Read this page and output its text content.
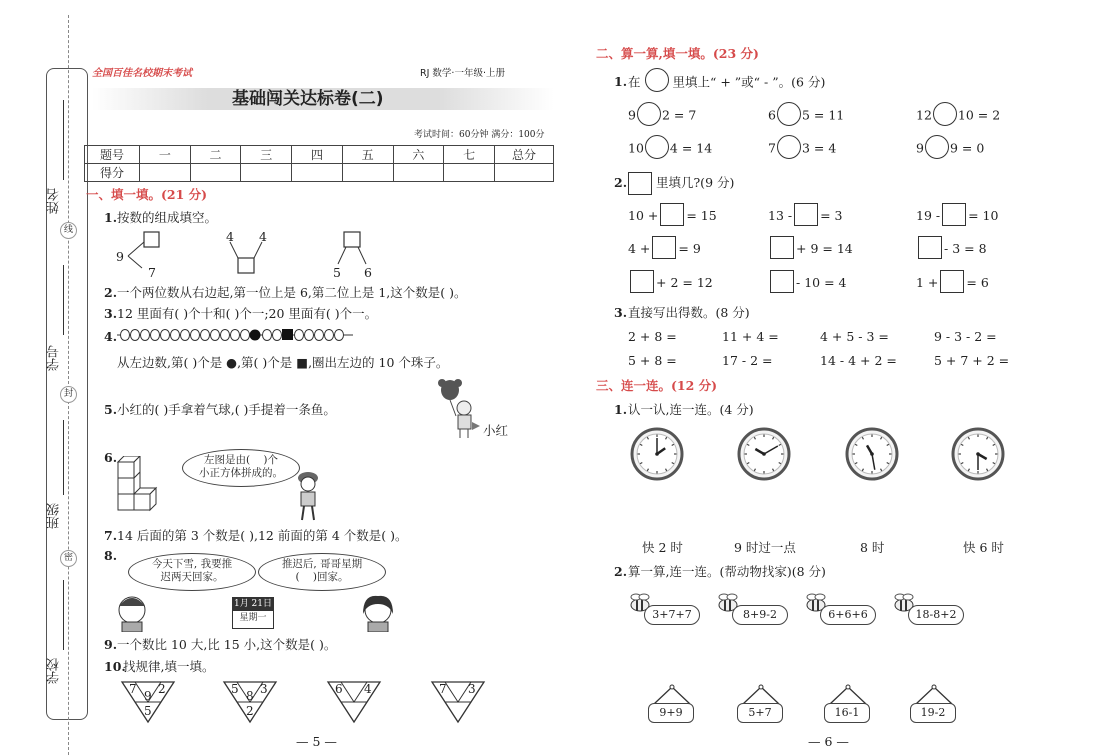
姓名
学号
班级
学校
线
封
密
全国百佳名校期末考试	RJ 数学·一年级·上册
基础闯关达标卷(二)
考试时间：60分钟 满分：100分
题号	一	二	三	四	五	六	七	总分
得分								
一、填一填。(21 分)
1. 按数的组成填空。
9
7
4 4
5 6
2. 一个两位数从右边起,第一位上是 6,第二位上是 1,这个数是( )。
3. 12 里面有( )个十和( )个一;20 里面有( )个一。
4.
从左边数,第( )个是 ●,第( )个是 ■,圈出左边的 10 个珠子。
5. 小红的( )手拿着气球,( )手提着一条鱼。
小红
6.	左图是由(    )个
小正方体拼成的。
7. 14 后面的第 3 个数是( ),12 前面的第 4 个数是( )。
8.
今天下雪, 我要推
迟两天回家。
推迟后, 哥哥星期
(    )回家。
1月 21日
星期一
9. 一个数比 10 大,比 15 小,这个数是( )。
10.
找规律,填一填。
7 2
9
5
5 3
8
2
6 4	7 3
— 5 —
二、算一算,填一填。(23 分)
1. 在	里填上“ + ”或“ - ”。(6 分)
9 2 = 7	6 5 = 11	12 10 = 2
10 4 = 14	7 3 = 4	9 9 = 0
2.	里填几?(9 分)
10 + = 15	13 - = 3	19 - = 10
4 + = 9	+ 9 = 14	- 3 = 8
+ 2 = 12	- 10 = 4	1 + = 6
3. 直接写出得数。(8 分)
2 + 8 =	11 + 4 =	4 + 5 - 3 =	9 - 3 - 2 =
5 + 8 =	17 - 2 =	14 - 4 + 2 =	5 + 7 + 2 =
三、连一连。(12 分)
1. 认一认,连一连。(4 分)
快 2 时	9 时过一点	8 时	快 6 时
2. 算一算,连一连。(帮动物找家)(8 分)
3+7+7	8+9-2	6+6+6	18-8+2
9+9	5+7	16-1	19-2
— 6 —
